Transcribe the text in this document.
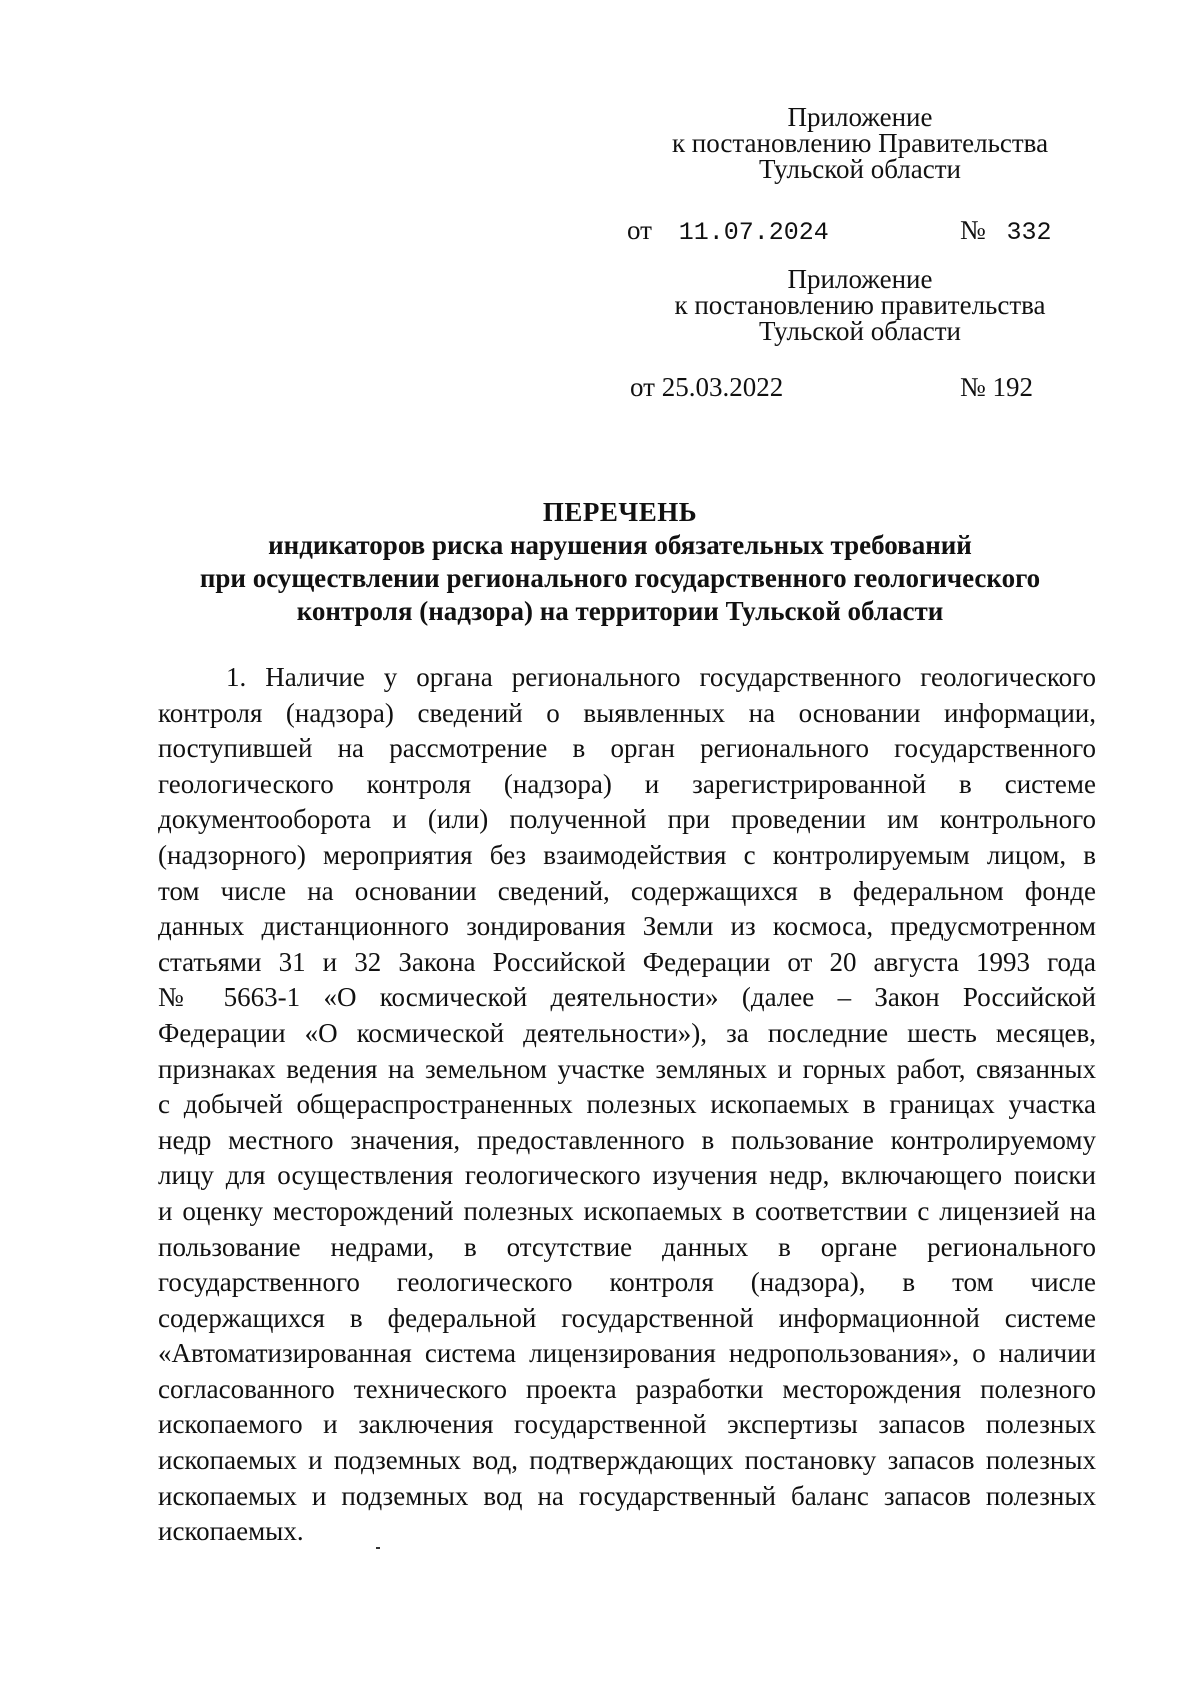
Приложение
к постановлению Правительства
Тульской области
от 11.07.2024	№ 332
Приложение
к постановлению правительства
Тульской области
от 25.03.2022	№ 192
ПЕРЕЧЕНЬ
индикаторов риска нарушения обязательных требований
при осуществлении регионального государственного геологического
контроля (надзора) на территории Тульской области
1. Наличие у органа регионального государственного геологического
контроля (надзора) сведений о выявленных на основании информации,
поступившей на рассмотрение в орган регионального государственного
геологического контроля (надзора) и зарегистрированной в системе
документооборота и (или) полученной при проведении им контрольного
(надзорного) мероприятия без взаимодействия с контролируемым лицом, в
том числе на основании сведений, содержащихся в федеральном фонде
данных дистанционного зондирования Земли из космоса, предусмотренном
статьями 31 и 32 Закона Российской Федерации от 20 августа 1993 года
№ 5663-1 «О космической деятельности» (далее – Закон Российской
Федерации «О космической деятельности»), за последние шесть месяцев,
признаках ведения на земельном участке земляных и горных работ, связанных
с добычей общераспространенных полезных ископаемых в границах участка
недр местного значения, предоставленного в пользование контролируемому
лицу для осуществления геологического изучения недр, включающего поиски
и оценку месторождений полезных ископаемых в соответствии с лицензией на
пользование недрами, в отсутствие данных в органе регионального
государственного геологического контроля (надзора), в том числе
содержащихся в федеральной государственной информационной системе
«Автоматизированная система лицензирования недропользования», о наличии
согласованного технического проекта разработки месторождения полезного
ископаемого и заключения государственной экспертизы запасов полезных
ископаемых и подземных вод, подтверждающих постановку запасов полезных
ископаемых и подземных вод на государственный баланс запасов полезных
ископаемых.
